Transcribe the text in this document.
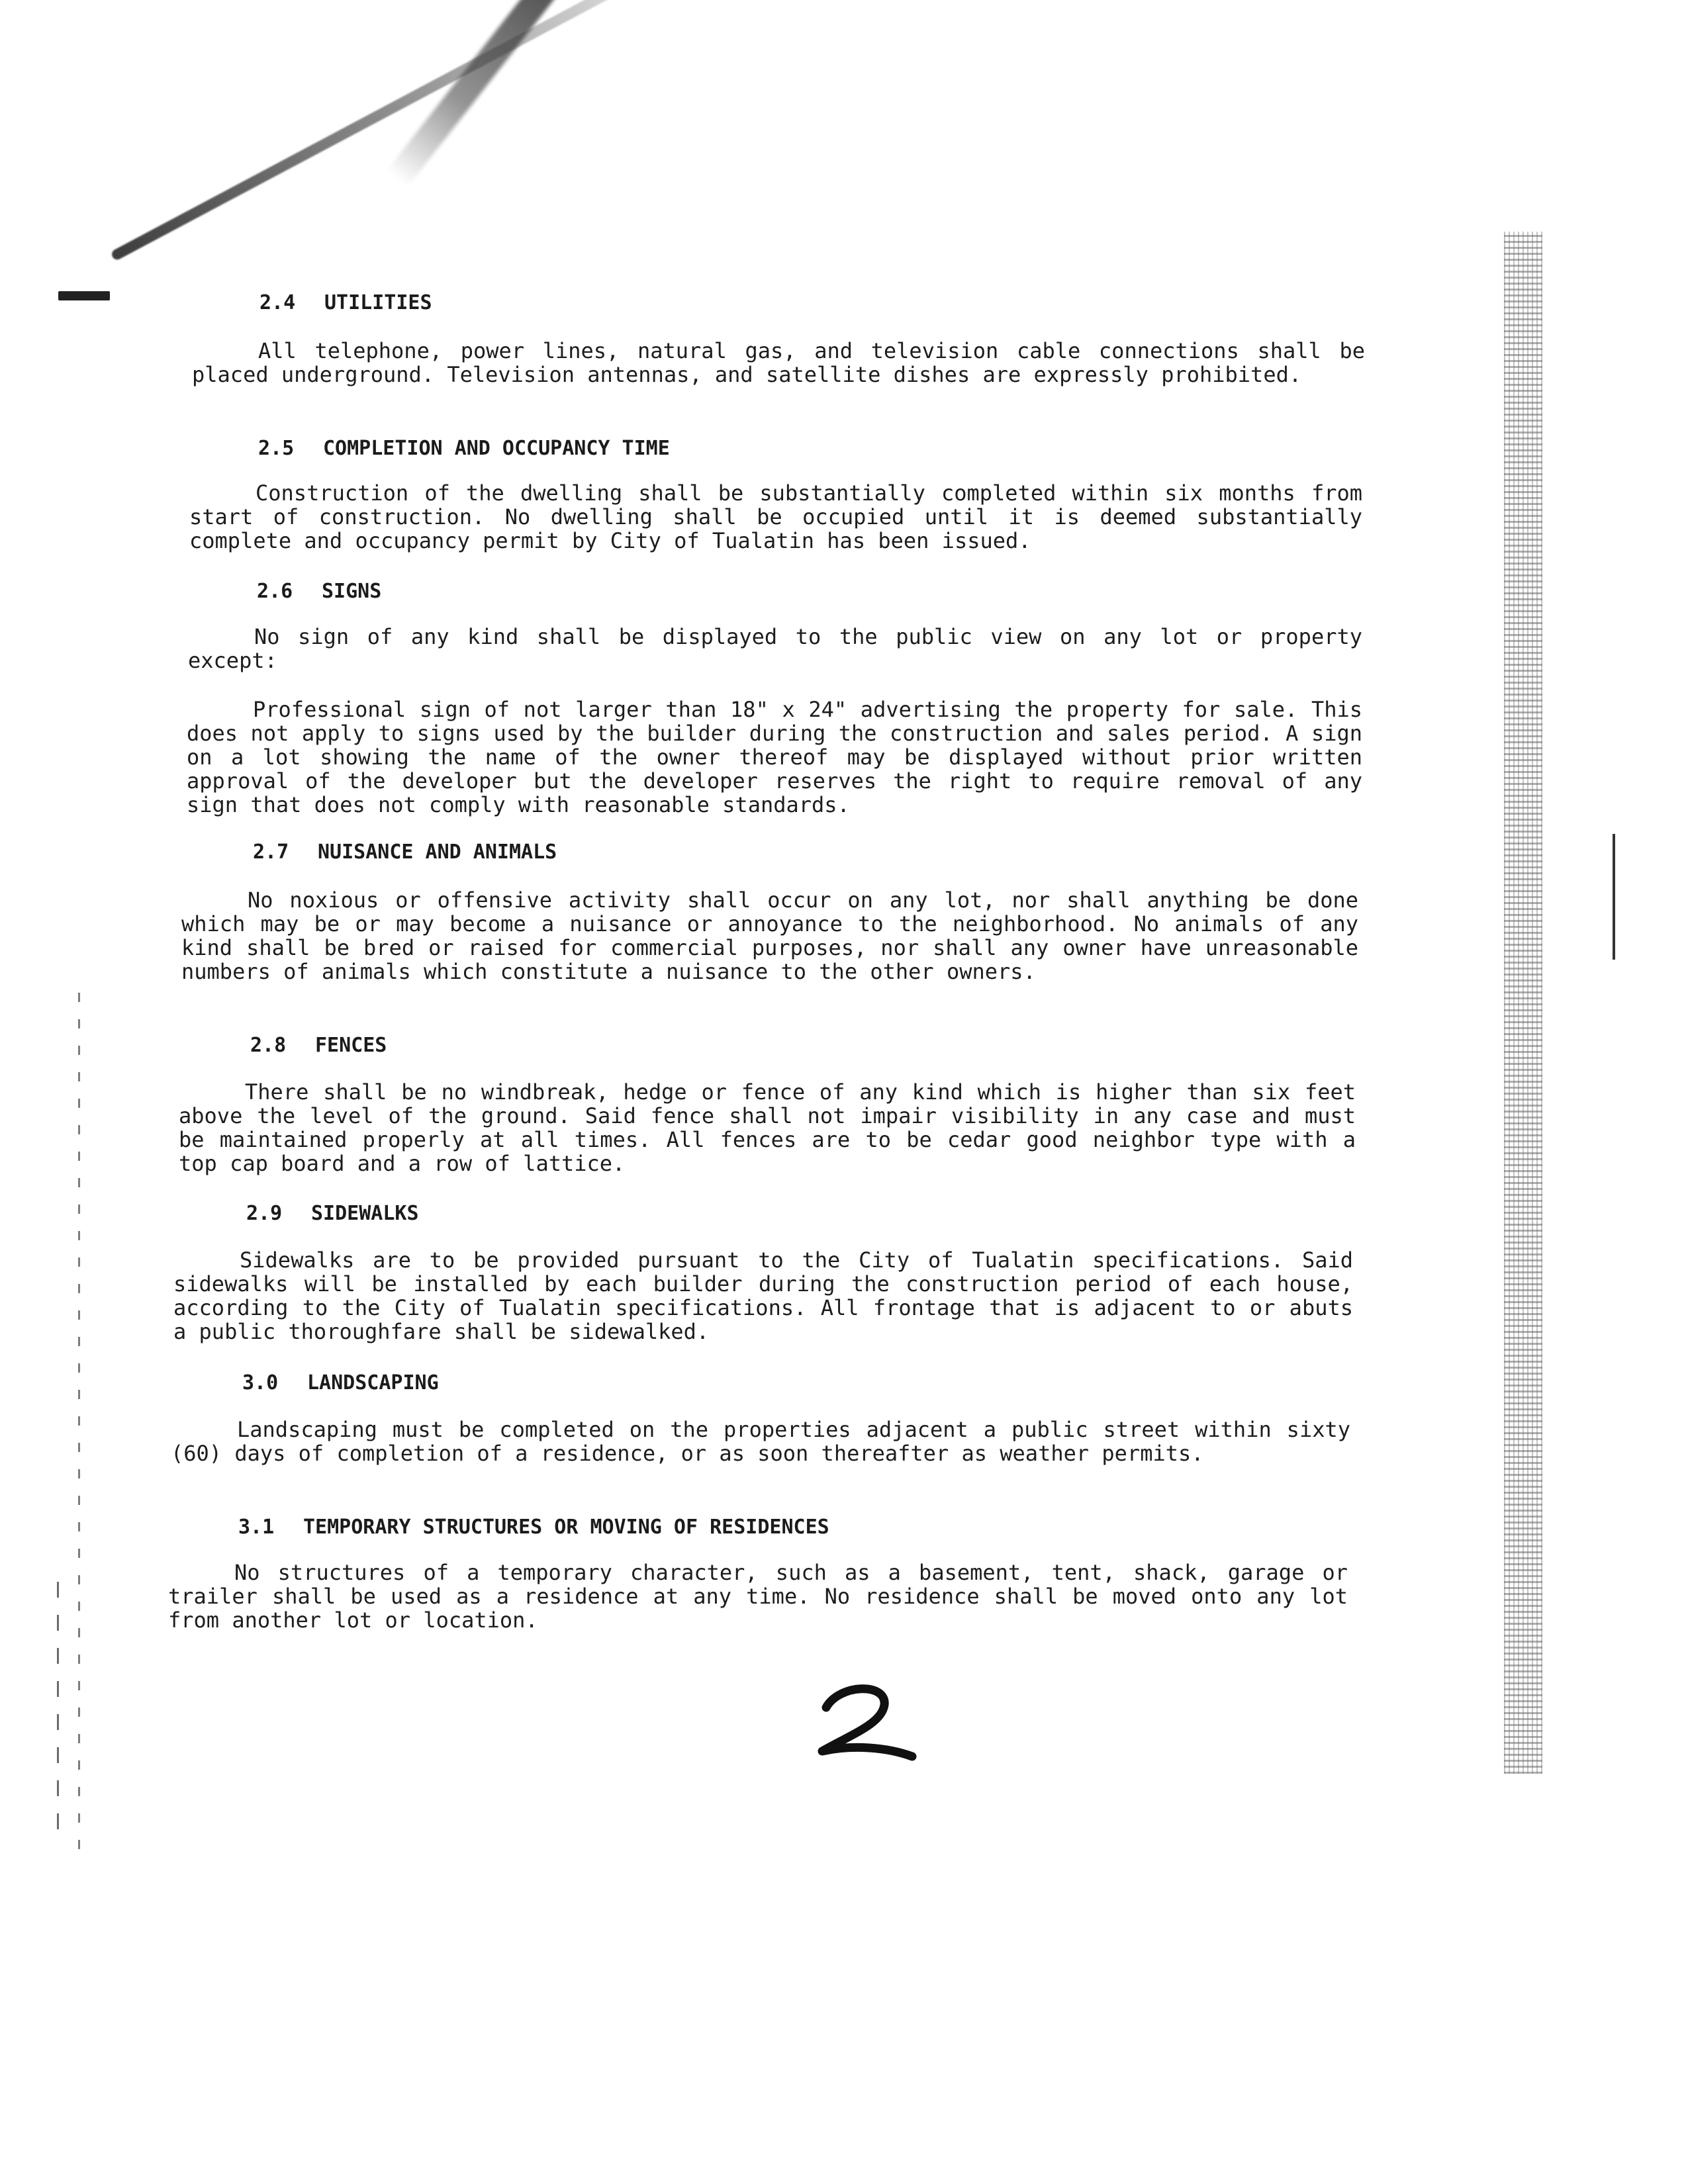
2.4 UTILITIES
All telephone, power lines, natural gas, and television cable connections shall be placed underground. Television antennas, and satellite dishes are expressly prohibited.
2.5 COMPLETION AND OCCUPANCY TIME
Construction of the dwelling shall be substantially completed within six months from start of construction. No dwelling shall be occupied until it is deemed substantially complete and occupancy permit by City of Tualatin has been issued.
2.6 SIGNS
No sign of any kind shall be displayed to the public view on any lot or property except:
Professional sign of not larger than 18" x 24" advertising the property for sale. This does not apply to signs used by the builder during the construction and sales period. A sign on a lot showing the name of the owner thereof may be displayed without prior written approval of the developer but the developer reserves the right to require removal of any sign that does not comply with reasonable standards.
2.7 NUISANCE AND ANIMALS
No noxious or offensive activity shall occur on any lot, nor shall anything be done which may be or may become a nuisance or annoyance to the neighborhood. No animals of any kind shall be bred or raised for commercial purposes, nor shall any owner have unreasonable numbers of animals which constitute a nuisance to the other owners.
2.8 FENCES
There shall be no windbreak, hedge or fence of any kind which is higher than six feet above the level of the ground. Said fence shall not impair visibility in any case and must be maintained properly at all times. All fences are to be cedar good neighbor type with a top cap board and a row of lattice.
2.9 SIDEWALKS
Sidewalks are to be provided pursuant to the City of Tualatin specifications. Said sidewalks will be installed by each builder during the construction period of each house, according to the City of Tualatin specifications. All frontage that is adjacent to or abuts a public thoroughfare shall be sidewalked.
3.0 LANDSCAPING
Landscaping must be completed on the properties adjacent a public street within sixty (60) days of completion of a residence, or as soon thereafter as weather permits.
3.1 TEMPORARY STRUCTURES OR MOVING OF RESIDENCES
No structures of a temporary character, such as a basement, tent, shack, garage or trailer shall be used as a residence at any time. No residence shall be moved onto any lot from another lot or location.
